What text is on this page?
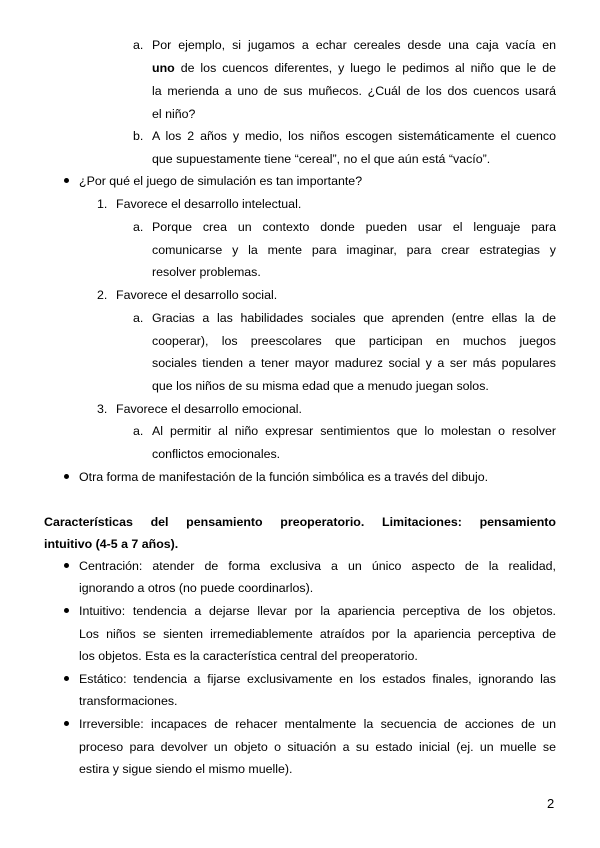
a. Por ejemplo, si jugamos a echar cereales desde una caja vacía en
uno de los cuencos diferentes, y luego le pedimos al niño que le de
la merienda a uno de sus muñecos. ¿Cuál de los dos cuencos usará
el niño?
b. A los 2 años y medio, los niños escogen sistemáticamente el cuenco
que supuestamente tiene “cereal”, no el que aún está “vacío”.
¿Por qué el juego de simulación es tan importante?
1. Favorece el desarrollo intelectual.
a. Porque crea un contexto donde pueden usar el lenguaje para
comunicarse y la mente para imaginar, para crear estrategias y
resolver problemas.
2. Favorece el desarrollo social.
a. Gracias a las habilidades sociales que aprenden (entre ellas la de
cooperar), los preescolares que participan en muchos juegos
sociales tienden a tener mayor madurez social y a ser más populares
que los niños de su misma edad que a menudo juegan solos.
3. Favorece el desarrollo emocional.
a. Al permitir al niño expresar sentimientos que lo molestan o resolver
conflictos emocionales.
Otra forma de manifestación de la función simbólica es a través del dibujo.
Características del pensamiento preoperatorio. Limitaciones: pensamiento
intuitivo (4-5 a 7 años).
Centración: atender de forma exclusiva a un único aspecto de la realidad,
ignorando a otros (no puede coordinarlos).
Intuitivo: tendencia a dejarse llevar por la apariencia perceptiva de los objetos.
Los niños se sienten irremediablemente atraídos por la apariencia perceptiva de
los objetos. Esta es la característica central del preoperatorio.
Estático: tendencia a fijarse exclusivamente en los estados finales, ignorando las
transformaciones.
Irreversible: incapaces de rehacer mentalmente la secuencia de acciones de un
proceso para devolver un objeto o situación a su estado inicial (ej. un muelle se
estira y sigue siendo el mismo muelle).
2
